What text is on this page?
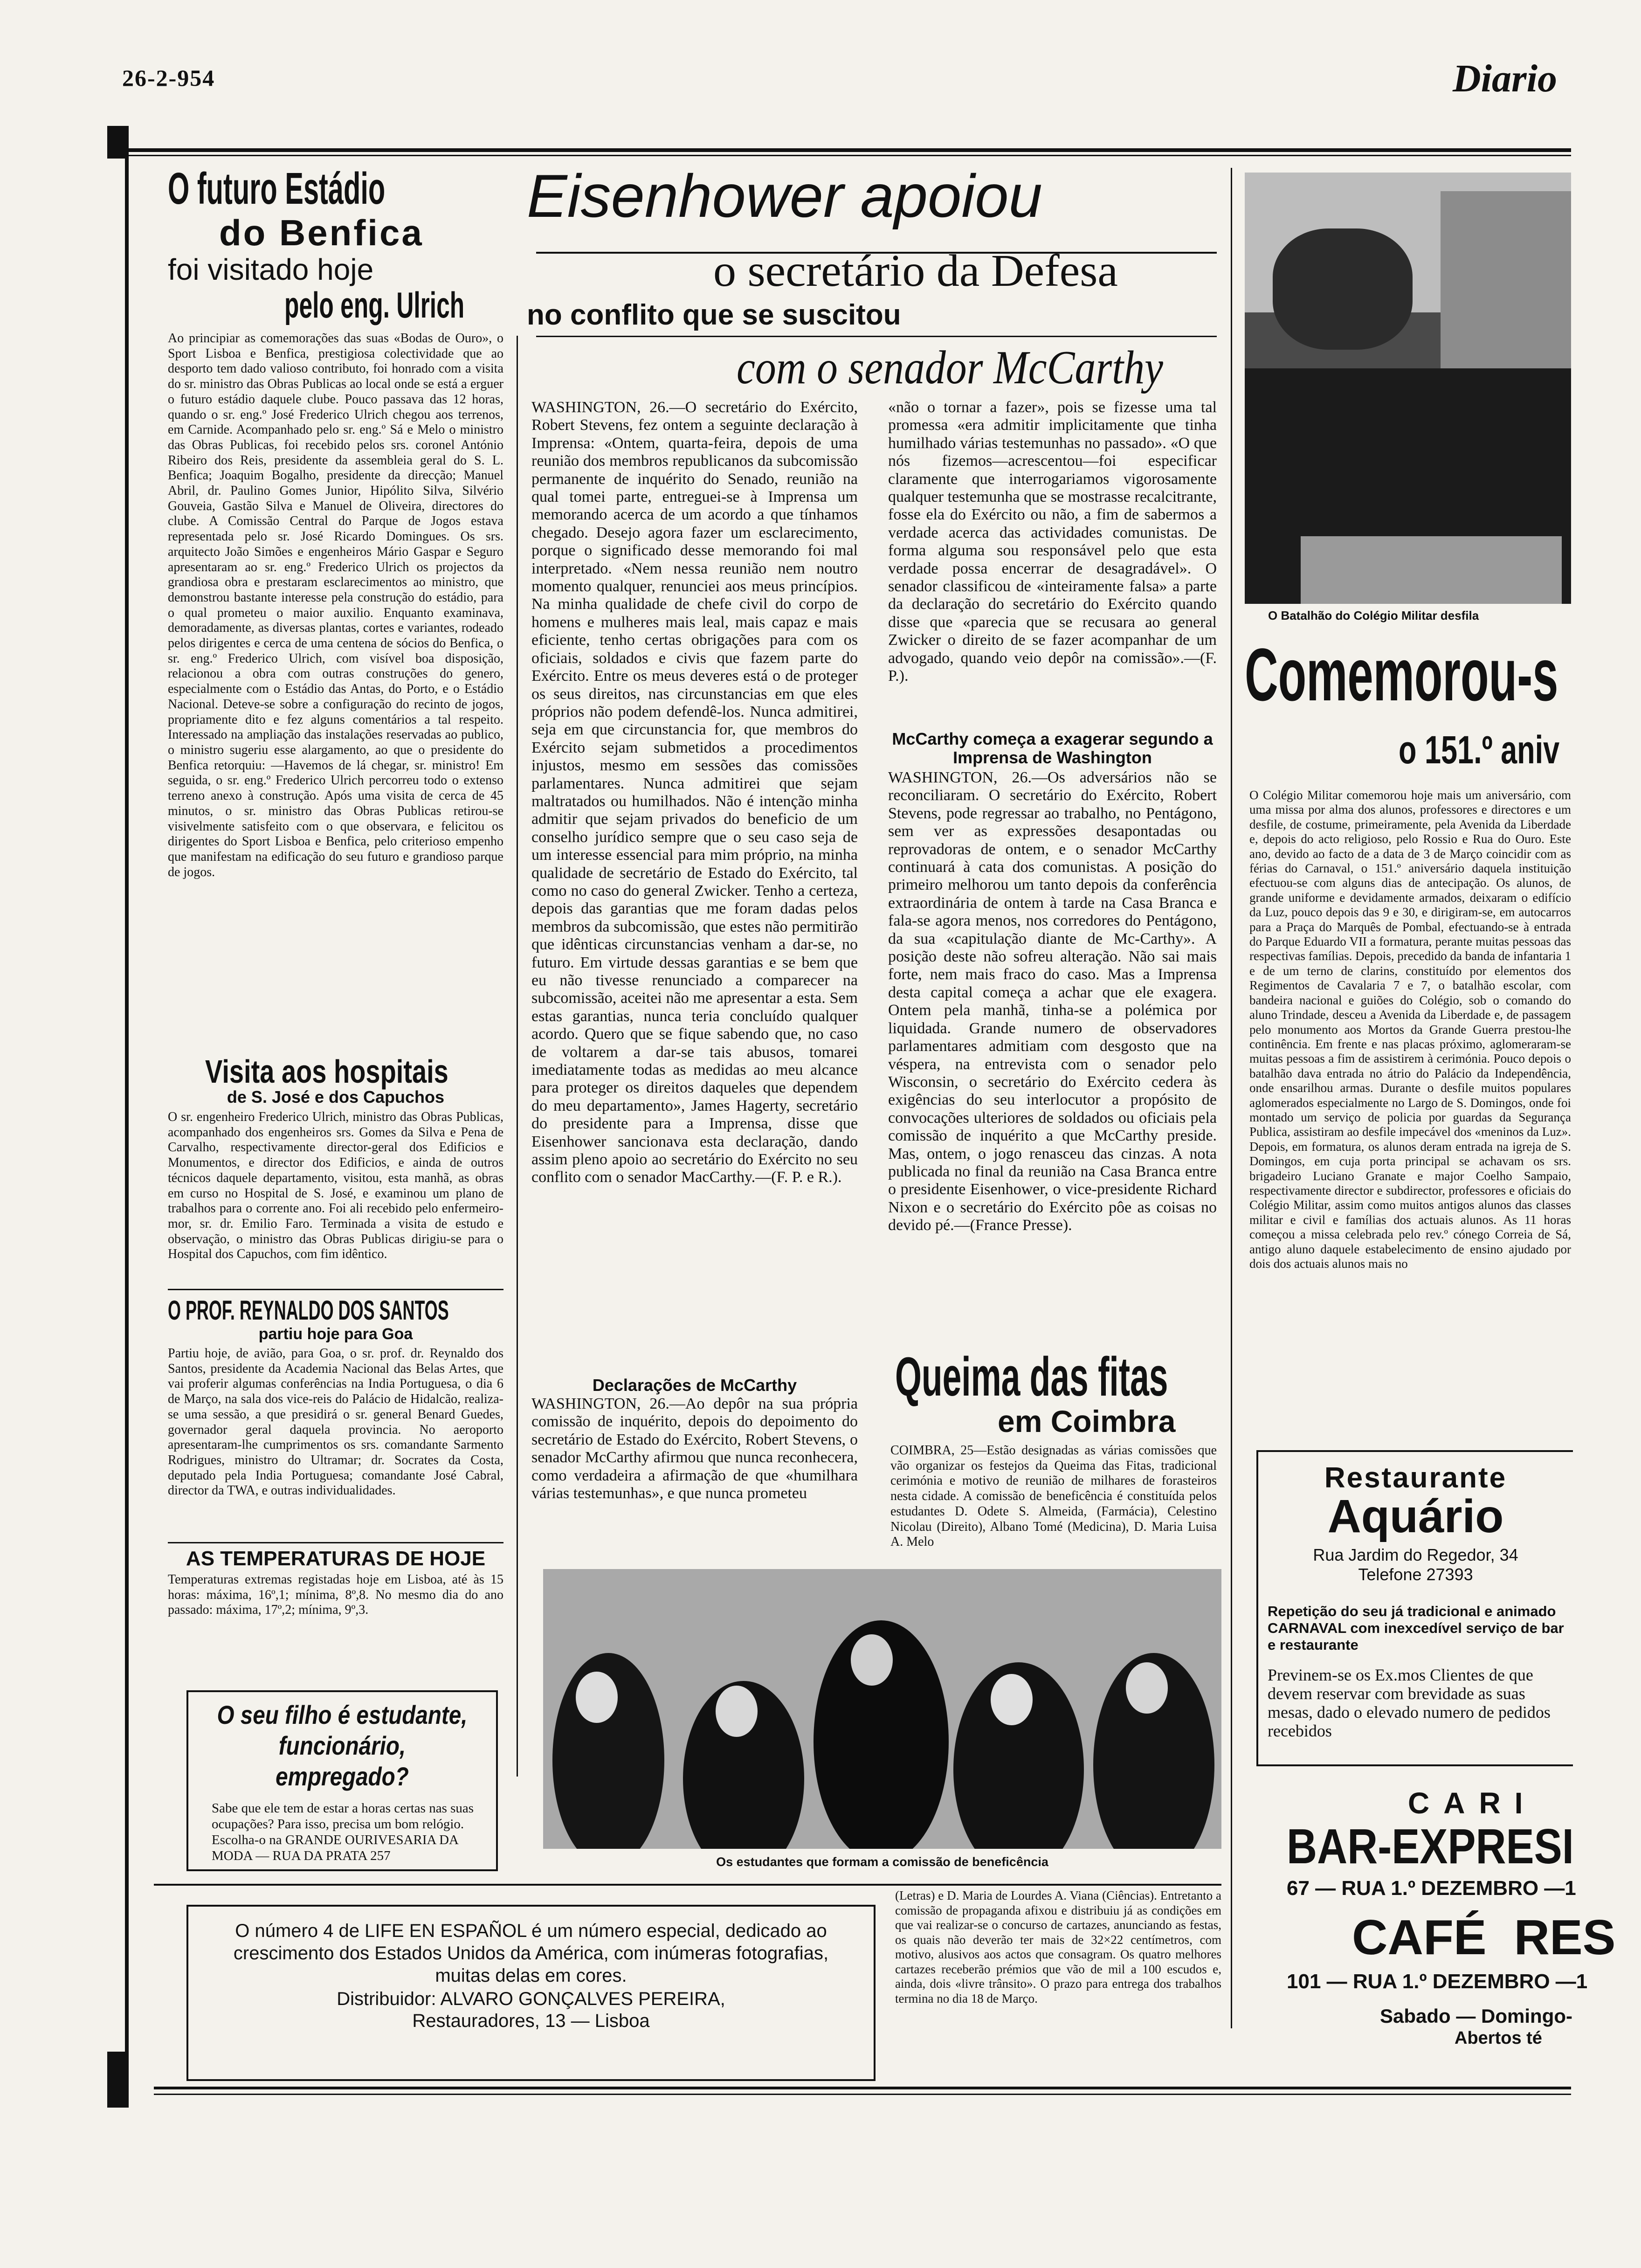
26-2-954	Diario
O futuro Estádio
do Benfica
foi visitado hoje
pelo eng. Ulrich
Ao principiar as comemorações das suas «Bodas de Ouro», o Sport Lisboa e Benfica, prestigiosa colectividade que ao desporto tem dado valioso contributo, foi honrado com a visita do sr. ministro das Obras Publicas ao local onde se está a erguer o futuro estádio daquele clube. Pouco passava das 12 horas, quando o sr. eng.º José Frederico Ulrich chegou aos terrenos, em Carnide. Acompanhado pelo sr. eng.º Sá e Melo o ministro das Obras Publicas, foi recebido pelos srs. coronel António Ribeiro dos Reis, presidente da assembleia geral do S. L. Benfica; Joaquim Bogalho, presidente da direcção; Manuel Abril, dr. Paulino Gomes Junior, Hipólito Silva, Silvério Gouveia, Gastão Silva e Manuel de Oliveira, directores do clube. A Comissão Central do Parque de Jogos estava representada pelo sr. José Ricardo Domingues. Os srs. arquitecto João Simões e engenheiros Mário Gaspar e Seguro apresentaram ao sr. eng.º Frederico Ulrich os projectos da grandiosa obra e prestaram esclarecimentos ao ministro, que demonstrou bastante interesse pela construção do estádio, para o qual prometeu o maior auxilio. Enquanto examinava, demoradamente, as diversas plantas, cortes e variantes, rodeado pelos dirigentes e cerca de uma centena de sócios do Benfica, o sr. eng.º Frederico Ulrich, com visível boa disposição, relacionou a obra com outras construções do genero, especialmente com o Estádio das Antas, do Porto, e o Estádio Nacional. Deteve-se sobre a configuração do recinto de jogos, propriamente dito e fez alguns comentários a tal respeito. Interessado na ampliação das instalações reservadas ao publico, o ministro sugeriu esse alargamento, ao que o presidente do Benfica retorquiu: —Havemos de lá chegar, sr. ministro! Em seguida, o sr. eng.º Frederico Ulrich percorreu todo o extenso terreno anexo à construção. Após uma visita de cerca de 45 minutos, o sr. ministro das Obras Publicas retirou-se visivelmente satisfeito com o que observara, e felicitou os dirigentes do Sport Lisboa e Benfica, pelo criterioso empenho que manifestam na edificação do seu futuro e grandioso parque de jogos.
Visita aos hospitais
de S. José e dos Capuchos
O sr. engenheiro Frederico Ulrich, ministro das Obras Publicas, acompanhado dos engenheiros srs. Gomes da Silva e Pena de Carvalho, respectivamente director-geral dos Edificios e Monumentos, e director dos Edificios, e ainda de outros técnicos daquele departamento, visitou, esta manhã, as obras em curso no Hospital de S. José, e examinou um plano de trabalhos para o corrente ano. Foi ali recebido pelo enfermeiro-mor, sr. dr. Emilio Faro. Terminada a visita de estudo e observação, o ministro das Obras Publicas dirigiu-se para o Hospital dos Capuchos, com fim idêntico.
O PROF. REYNALDO DOS SANTOS
partiu hoje para Goa
Partiu hoje, de avião, para Goa, o sr. prof. dr. Reynaldo dos Santos, presidente da Academia Nacional das Belas Artes, que vai proferir algumas conferências na India Portuguesa, o dia 6 de Março, na sala dos vice-reis do Palácio de Hidalcão, realiza-se uma sessão, a que presidirá o sr. general Benard Guedes, governador geral daquela provincia. No aeroporto apresentaram-lhe cumprimentos os srs. comandante Sarmento Rodrigues, ministro do Ultramar; dr. Socrates da Costa, deputado pela India Portuguesa; comandante José Cabral, director da TWA, e outras individualidades.
AS TEMPERATURAS DE HOJE
Temperaturas extremas registadas hoje em Lisboa, até às 15 horas: máxima, 16º,1; mínima, 8º,8. No mesmo dia do ano passado: máxima, 17º,2; mínima, 9º,3.
O seu filho é estudante, funcionário, empregado?
Sabe que ele tem de estar a horas certas nas suas ocupações? Para isso, precisa um bom relógio. Escolha-o na GRANDE OURIVESARIA DA MODA — RUA DA PRATA 257
Eisenhower apoiou
o secretário da Defesa
no conflito que se suscitou
com o senador McCarthy
WASHINGTON, 26.—O secretário do Exército, Robert Stevens, fez ontem a seguinte declaração à Imprensa: «Ontem, quarta-feira, depois de uma reunião dos membros republicanos da subcomissão permanente de inquérito do Senado, reunião na qual tomei parte, entreguei-se à Imprensa um memorando acerca de um acordo a que tínhamos chegado. Desejo agora fazer um esclarecimento, porque o significado desse memorando foi mal interpretado. «Nem nessa reunião nem noutro momento qualquer, renunciei aos meus princípios. Na minha qualidade de chefe civil do corpo de homens e mulheres mais leal, mais capaz e mais eficiente, tenho certas obrigações para com os oficiais, soldados e civis que fazem parte do Exército. Entre os meus deveres está o de proteger os seus direitos, nas circunstancias em que eles próprios não podem defendê-los. Nunca admitirei, seja em que circunstancia for, que membros do Exército sejam submetidos a procedimentos injustos, mesmo em sessões das comissões parlamentares. Nunca admitirei que sejam maltratados ou humilhados. Não é intenção minha admitir que sejam privados do beneficio de um conselho jurídico sempre que o seu caso seja de um interesse essencial para mim próprio, na minha qualidade de secretário de Estado do Exército, tal como no caso do general Zwicker. Tenho a certeza, depois das garantias que me foram dadas pelos membros da subcomissão, que estes não permitirão que idênticas circunstancias venham a dar-se, no futuro. Em virtude dessas garantias e se bem que eu não tivesse renunciado a comparecer na subcomissão, aceitei não me apresentar a esta. Sem estas garantias, nunca teria concluído qualquer acordo. Quero que se fique sabendo que, no caso de voltarem a dar-se tais abusos, tomarei imediatamente todas as medidas ao meu alcance para proteger os direitos daqueles que dependem do meu departamento», James Hagerty, secretário do presidente para a Imprensa, disse que Eisenhower sancionava esta declaração, dando assim pleno apoio ao secretário do Exército no seu conflito com o senador MacCarthy.—(F. P. e R.).
Declarações de McCarthy
WASHINGTON, 26.—Ao depôr na sua própria comissão de inquérito, depois do depoimento do secretário de Estado do Exército, Robert Stevens, o senador McCarthy afirmou que nunca reconhecera, como verdadeira a afirmação de que «humilhara várias testemunhas», e que nunca prometeu
«não o tornar a fazer», pois se fizesse uma tal promessa «era admitir implicitamente que tinha humilhado várias testemunhas no passado». «O que nós fizemos—acrescentou—foi especificar claramente que interrogariamos vigorosamente qualquer testemunha que se mostrasse recalcitrante, fosse ela do Exército ou não, a fim de sabermos a verdade acerca das actividades comunistas. De forma alguma sou responsável pelo que esta verdade possa encerrar de desagradável». O senador classificou de «inteiramente falsa» a parte da declaração do secretário do Exército quando disse que «parecia que se recusara ao general Zwicker o direito de se fazer acompanhar de um advogado, quando veio depôr na comissão».—(F. P.).
McCarthy começa a exagerar segundo a Imprensa de Washington
WASHINGTON, 26.—Os adversários não se reconciliaram. O secretário do Exército, Robert Stevens, pode regressar ao trabalho, no Pentágono, sem ver as expressões desapontadas ou reprovadoras de ontem, e o senador McCarthy continuará à cata dos comunistas. A posição do primeiro melhorou um tanto depois da conferência extraordinária de ontem à tarde na Casa Branca e fala-se agora menos, nos corredores do Pentágono, da sua «capitulação diante de Mc-Carthy». A posição deste não sofreu alteração. Não sai mais forte, nem mais fraco do caso. Mas a Imprensa desta capital começa a achar que ele exagera. Ontem pela manhã, tinha-se a polémica por liquidada. Grande numero de observadores parlamentares admitiam com desgosto que na véspera, na entrevista com o senador pelo Wisconsin, o secretário do Exército cedera às exigências do seu interlocutor a propósito de convocações ulteriores de soldados ou oficiais pela comissão de inquérito a que McCarthy preside. Mas, ontem, o jogo renasceu das cinzas. A nota publicada no final da reunião na Casa Branca entre o presidente Eisenhower, o vice-presidente Richard Nixon e o secretário do Exército pôe as coisas no devido pé.—(France Presse).
Queima das fitas
em Coimbra
COIMBRA, 25—Estão designadas as várias comissões que vão organizar os festejos da Queima das Fitas, tradicional cerimónia e motivo de reunião de milhares de forasteiros nesta cidade. A comissão de beneficência é constituída pelos estudantes D. Odete S. Almeida, (Farmácia), Celestino Nicolau (Direito), Albano Tomé (Medicina), D. Maria Luisa A. Melo
Os estudantes que formam a comissão de beneficência
(Letras) e D. Maria de Lourdes A. Viana (Ciências). Entretanto a comissão de propaganda afixou e distribuiu já as condições em que vai realizar-se o concurso de cartazes, anunciando as festas, os quais não deverão ter mais de 32×22 centímetros, com motivo, alusivos aos actos que consagram. Os quatro melhores cartazes receberão prémios que vão de mil a 100 escudos e, ainda, dois «livre trânsito». O prazo para entrega dos trabalhos termina no dia 18 de Março.
O número 4 de LIFE EN ESPAÑOL é um número especial, dedicado ao crescimento dos Estados Unidos da América, com inúmeras fotografias, muitas delas em cores.
Distribuidor: ALVARO GONÇALVES PEREIRA,
Restauradores, 13 — Lisboa
O Batalhão do Colégio Militar desfila
Comemorou-s
o 151.º aniv
O Colégio Militar comemorou hoje mais um aniversário, com uma missa por alma dos alunos, professores e directores e um desfile, de costume, primeiramente, pela Avenida da Liberdade e, depois do acto religioso, pelo Rossio e Rua do Ouro. Este ano, devido ao facto de a data de 3 de Março coincidir com as férias do Carnaval, o 151.º aniversário daquela instituição efectuou-se com alguns dias de antecipação. Os alunos, de grande uniforme e devidamente armados, deixaram o edifício da Luz, pouco depois das 9 e 30, e dirigiram-se, em autocarros para a Praça do Marquês de Pombal, efectuando-se à entrada do Parque Eduardo VII a formatura, perante muitas pessoas das respectivas famílias. Depois, precedido da banda de infantaria 1 e de um terno de clarins, constituído por elementos dos Regimentos de Cavalaria 7 e 7, o batalhão escolar, com bandeira nacional e guiões do Colégio, sob o comando do aluno Trindade, desceu a Avenida da Liberdade e, de passagem pelo monumento aos Mortos da Grande Guerra prestou-lhe continência. Em frente e nas placas próximo, aglomeraram-se muitas pessoas a fim de assistirem à cerimónia. Pouco depois o batalhão dava entrada no átrio do Palácio da Independência, onde ensarilhou armas. Durante o desfile muitos populares aglomerados especialmente no Largo de S. Domingos, onde foi montado um serviço de policia por guardas da Segurança Publica, assistiram ao desfile impecável dos «meninos da Luz». Depois, em formatura, os alunos deram entrada na igreja de S. Domingos, em cuja porta principal se achavam os srs. brigadeiro Luciano Granate e major Coelho Sampaio, respectivamente director e subdirector, professores e oficiais do Colégio Militar, assim como muitos antigos alunos das classes militar e civil e famílias dos actuais alunos. As 11 horas começou a missa celebrada pelo rev.º cónego Correia de Sá, antigo aluno daquele estabelecimento de ensino ajudado por dois dos actuais alunos mais no
Restaurante
Aquário
Rua Jardim do Regedor, 34
Telefone 27393
Repetição do seu já tradicional e animado CARNAVAL com inexcedível serviço de bar e restaurante
Previnem-se os Ex.mos Clientes de que devem reservar com brevidade as suas mesas, dado o elevado numero de pedidos recebidos
CARI
BAR-EXPRESI
67 — RUA 1.º DEZEMBRO —1
CAFÉ  RES
101 — RUA 1.º DEZEMBRO —1
Sabado — Domingo-
Abertos té
